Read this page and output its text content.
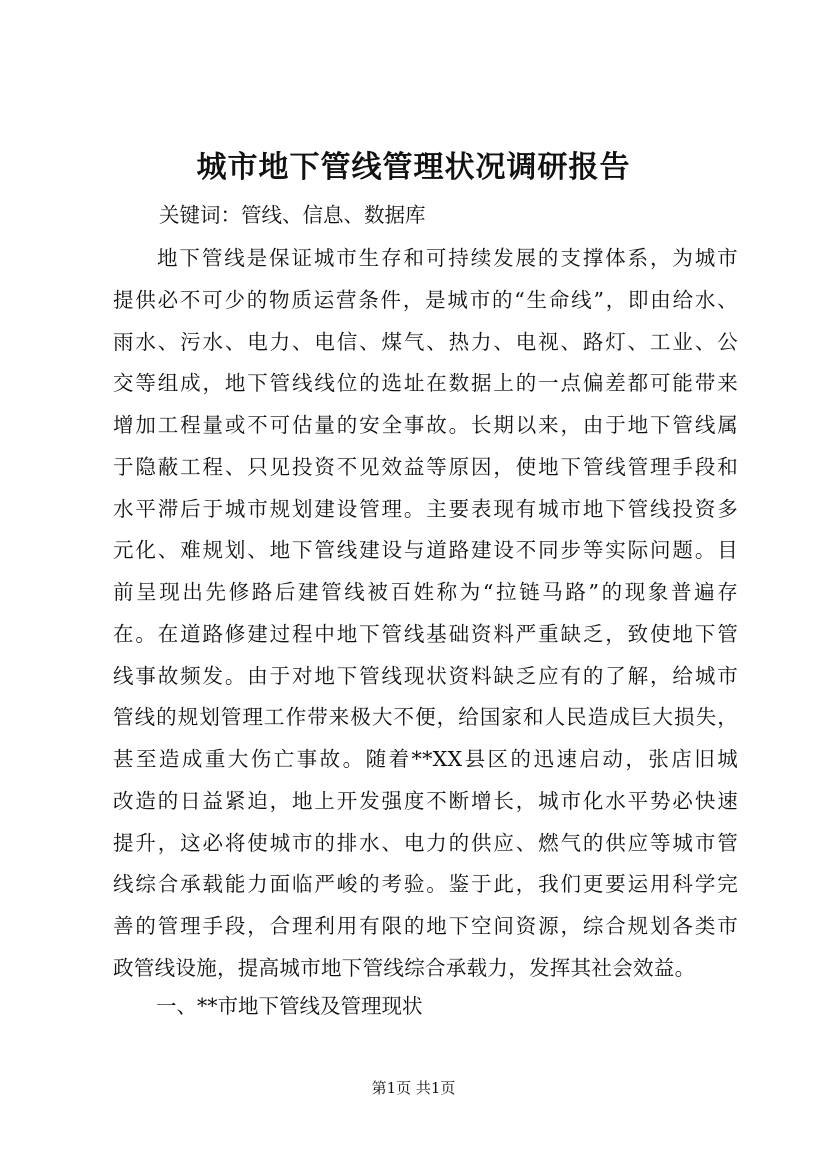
城市地下管线管理状况调研报告
关键词：管线、信息、数据库
地下管线是保证城市生存和可持续发展的支撑体系，为城市
提供必不可少的物质运营条件，是城市的“生命线”，即由给水、
雨水、污水、电力、电信、煤气、热力、电视、路灯、工业、公
交等组成，地下管线线位的选址在数据上的一点偏差都可能带来
增加工程量或不可估量的安全事故。长期以来，由于地下管线属
于隐蔽工程、只见投资不见效益等原因，使地下管线管理手段和
水平滞后于城市规划建设管理。主要表现有城市地下管线投资多
元化、难规划、地下管线建设与道路建设不同步等实际问题。目
前呈现出先修路后建管线被百姓称为“拉链马路”的现象普遍存
在。在道路修建过程中地下管线基础资料严重缺乏，致使地下管
线事故频发。由于对地下管线现状资料缺乏应有的了解，给城市
管线的规划管理工作带来极大不便，给国家和人民造成巨大损失，
甚至造成重大伤亡事故。随着**XX县区的迅速启动，张店旧城
改造的日益紧迫，地上开发强度不断增长，城市化水平势必快速
提升，这必将使城市的排水、电力的供应、燃气的供应等城市管
线综合承载能力面临严峻的考验。鉴于此，我们更要运用科学完
善的管理手段，合理利用有限的地下空间资源，综合规划各类市
政管线设施，提高城市地下管线综合承载力，发挥其社会效益。
一、**市地下管线及管理现状
第1页 共1页
